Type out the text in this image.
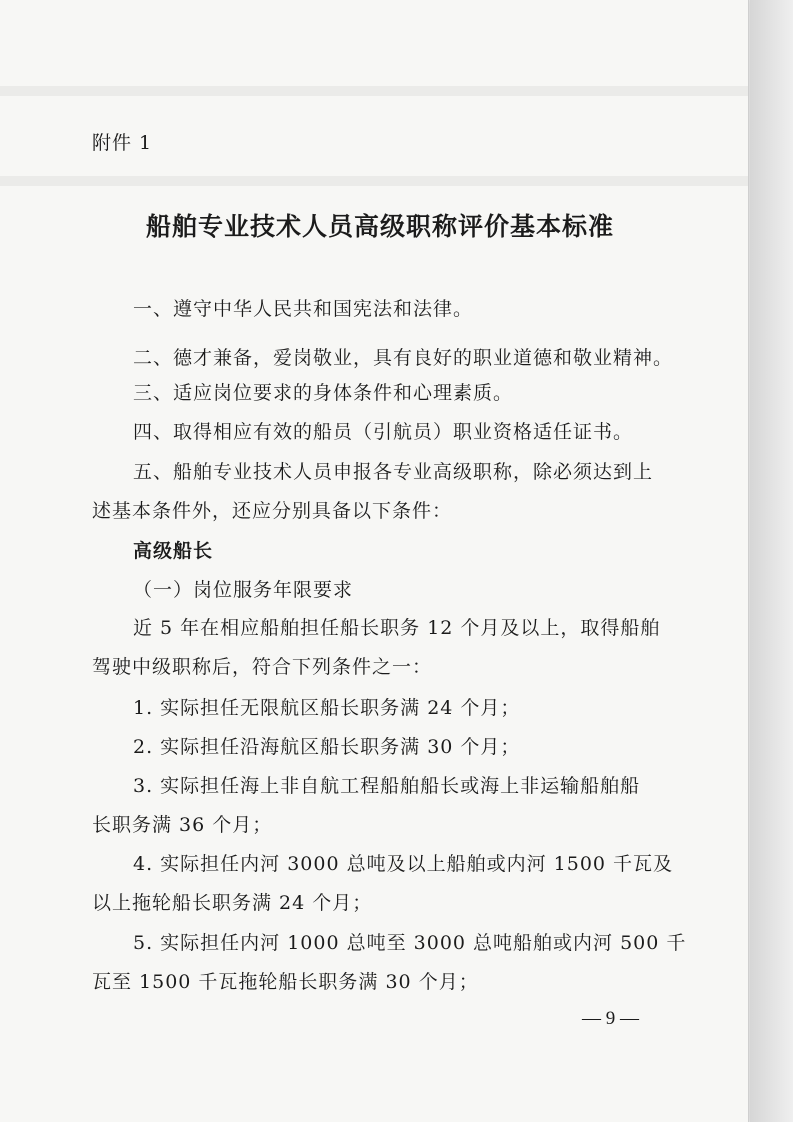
附件 1
船舶专业技术人员高级职称评价基本标准
一、遵守中华人民共和国宪法和法律。
二、德才兼备，爱岗敬业，具有良好的职业道德和敬业精神。
三、适应岗位要求的身体条件和心理素质。
四、取得相应有效的船员（引航员）职业资格适任证书。
五、船舶专业技术人员申报各专业高级职称，除必须达到上
述基本条件外，还应分别具备以下条件：
高级船长
（一）岗位服务年限要求
近 5 年在相应船舶担任船长职务 12 个月及以上，取得船舶
驾驶中级职称后，符合下列条件之一：
1. 实际担任无限航区船长职务满 24 个月；
2. 实际担任沿海航区船长职务满 30 个月；
3. 实际担任海上非自航工程船舶船长或海上非运输船舶船
长职务满 36 个月；
4. 实际担任内河 3000 总吨及以上船舶或内河 1500 千瓦及
以上拖轮船长职务满 24 个月；
5. 实际担任内河 1000 总吨至 3000 总吨船舶或内河 500 千
瓦至 1500 千瓦拖轮船长职务满 30 个月；
— 9 —
